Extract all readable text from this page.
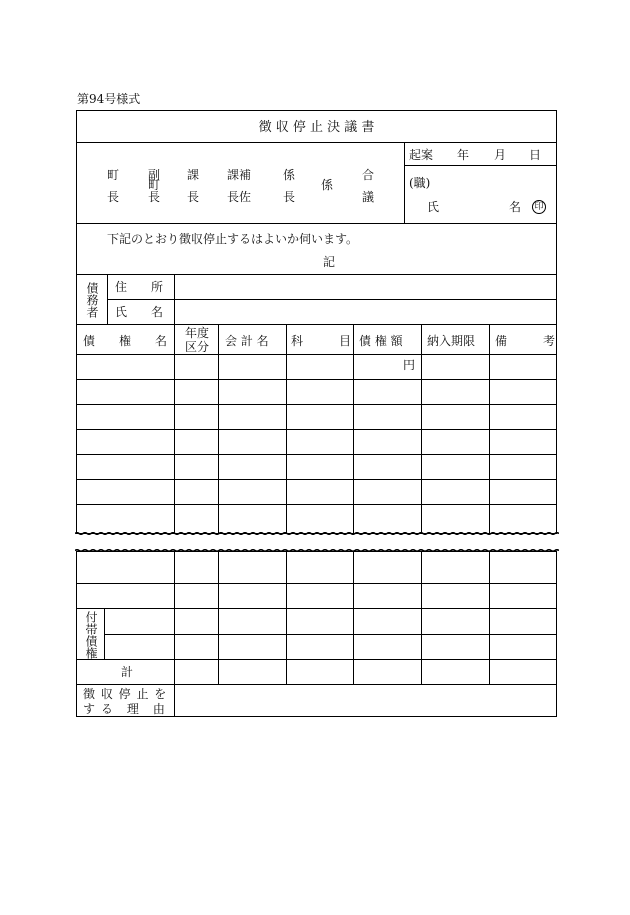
第94号様式
徴 収 停 止 決 議 書
町
長
副
町
長
課
長
課補
長佐
係
長
係
合
議
起案 年 月 日
(職)
氏	名 印
下記のとおり徴収停止するはよいか伺います。
記
債務者 住　　所
氏　　名
債　　権　　名
年度
区分 会 計 名 科　　　目 債 権 額 納入期限 備　　　考
円
付帯債権
計
徴 収 停 止 を
す る　理　由
